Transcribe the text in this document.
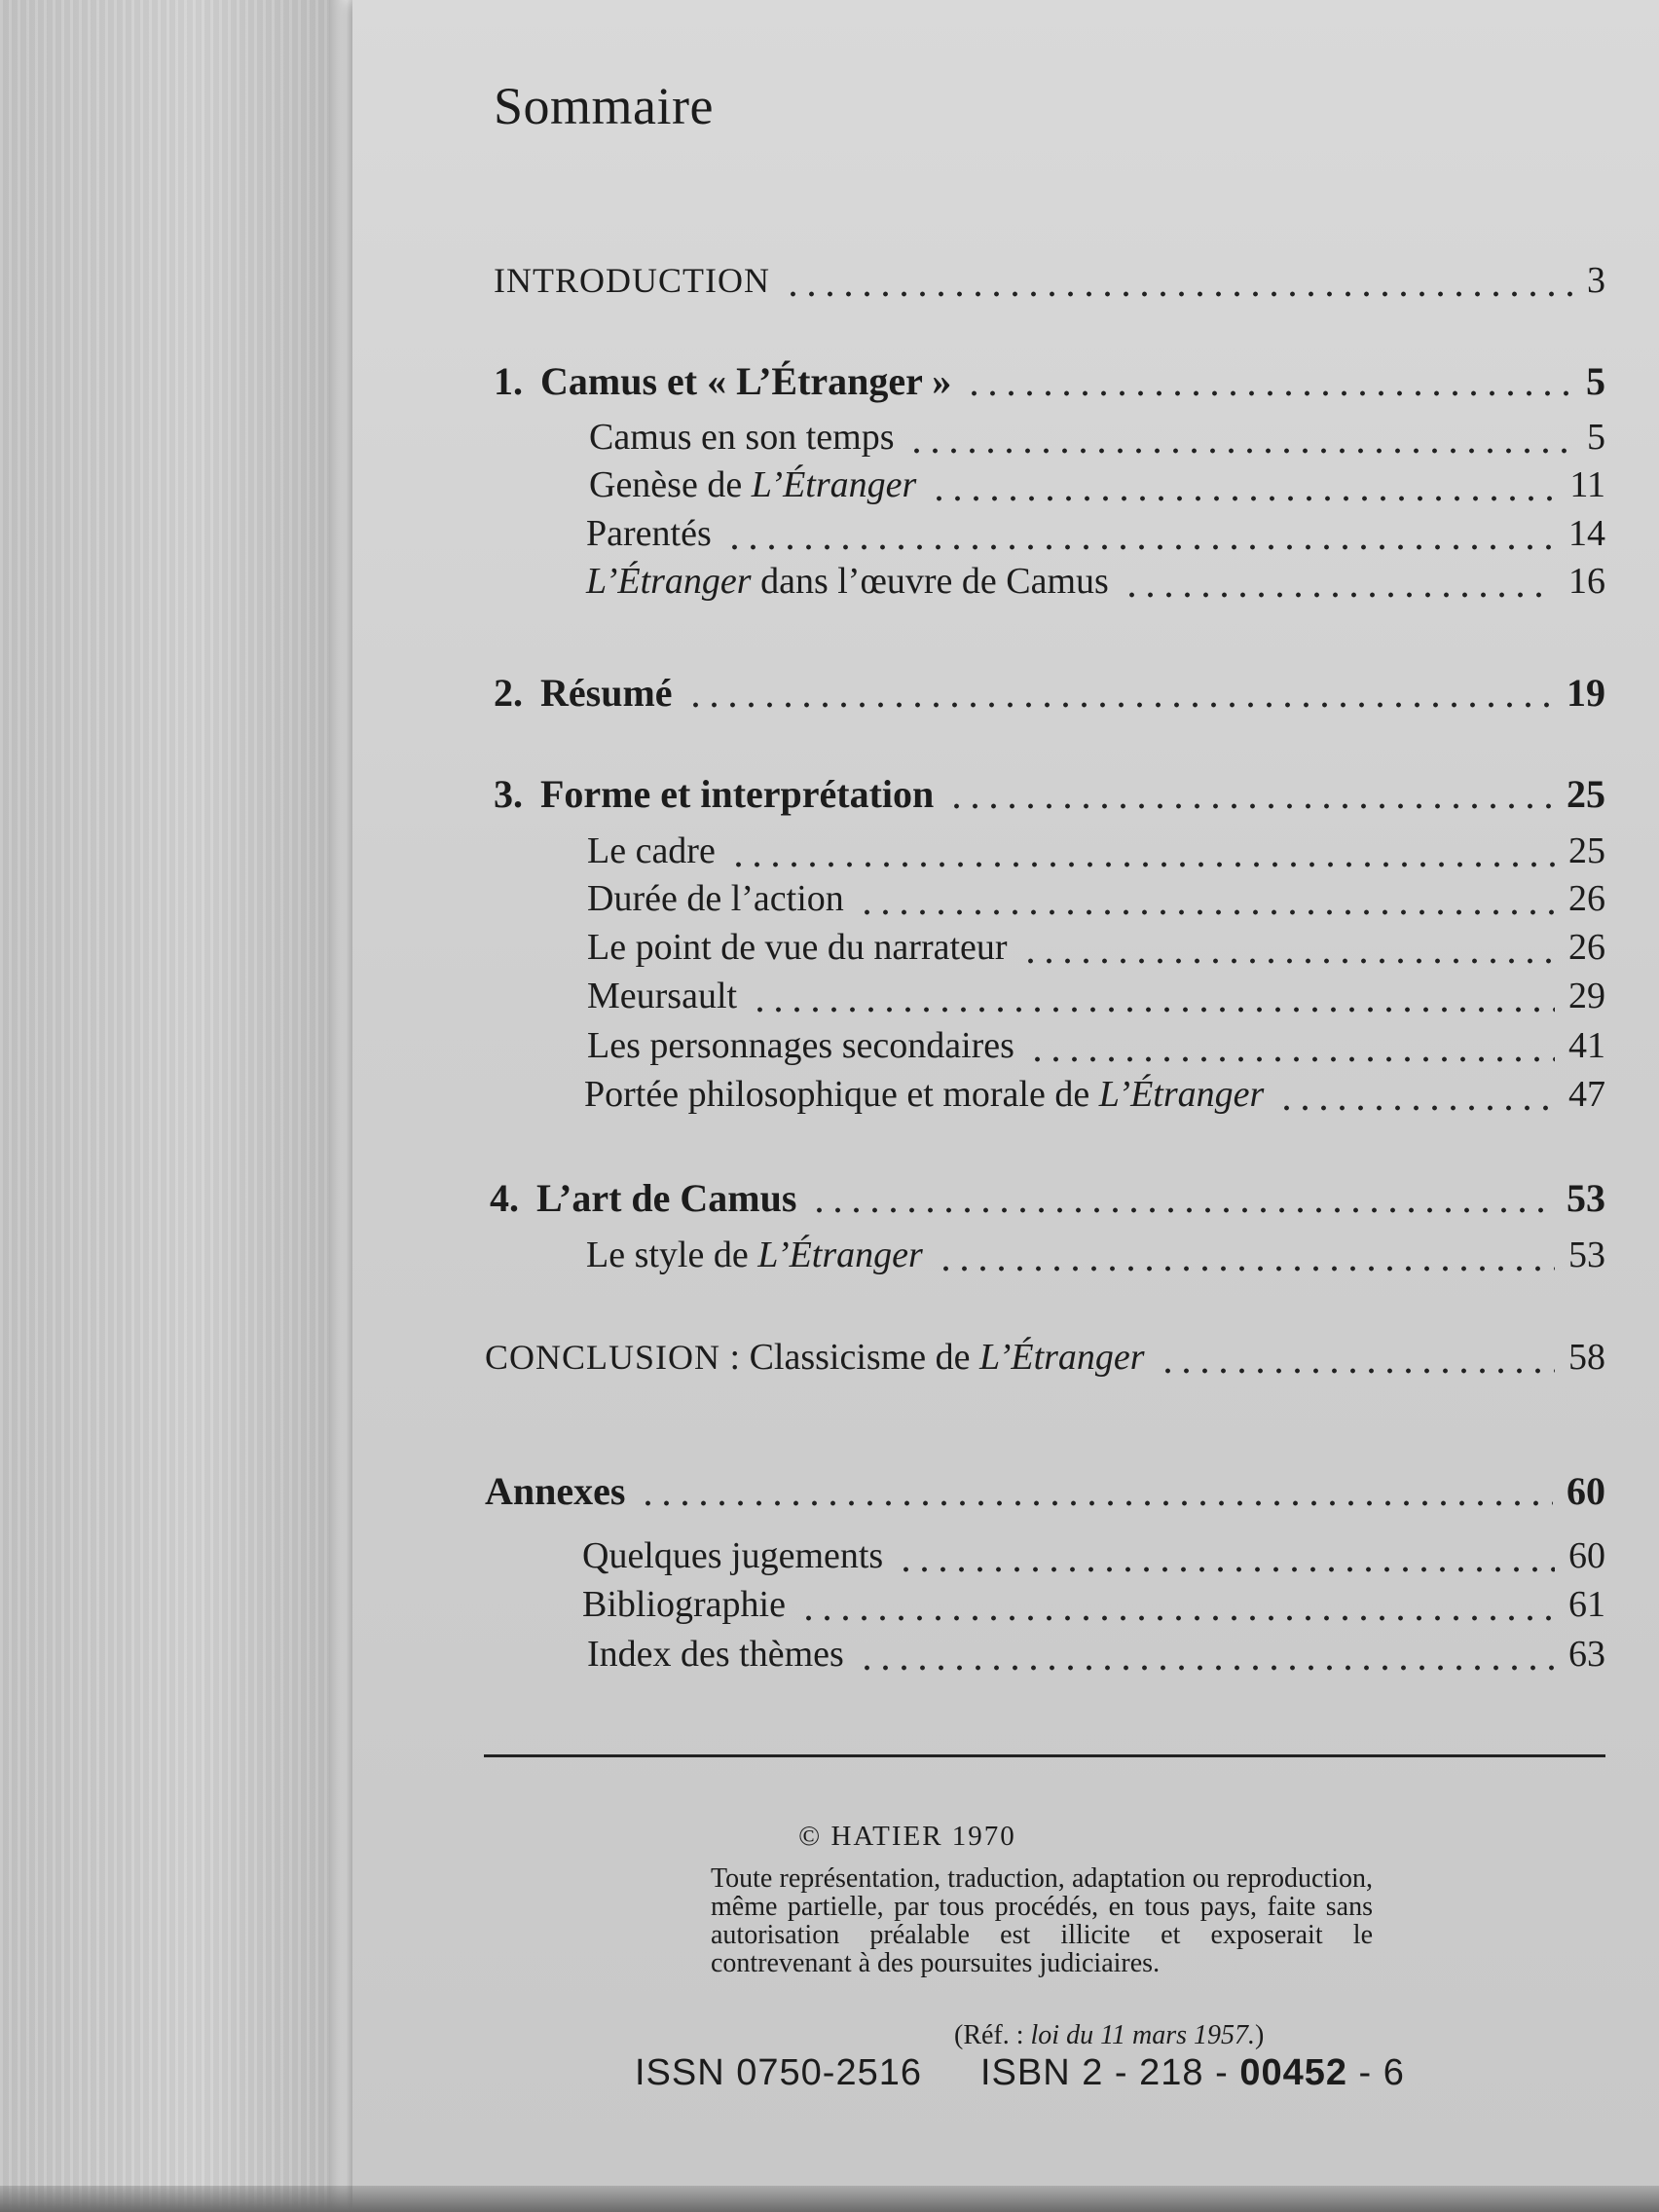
Sommaire
INTRODUCTION	3
1. Camus et « L’Étranger »	5
Camus en son temps	5
Genèse de L’Étranger	11
Parentés	14
L’Étranger dans l’œuvre de Camus	16
2. Résumé	19
3. Forme et interprétation	25
Le cadre	25
Durée de l’action	26
Le point de vue du narrateur	26
Meursault	29
Les personnages secondaires	41
Portée philosophique et morale de L’Étranger	47
4. L’art de Camus	53
Le style de L’Étranger	53
CONCLUSION : Classicisme de L’Étranger	58
Annexes	60
Quelques jugements	60
Bibliographie	61
Index des thèmes	63
© HATIER 1970

Toute représentation, traduction, adaptation ou reproduction, même partielle, par tous procédés, en tous pays, faite sans autorisation préalable est illicite et exposerait le contrevenant à des poursuites judiciaires.

(Réf. : loi du 11 mars 1957.)
ISSN 0750-2516 ISBN 2 - 218 - 00452 - 6
